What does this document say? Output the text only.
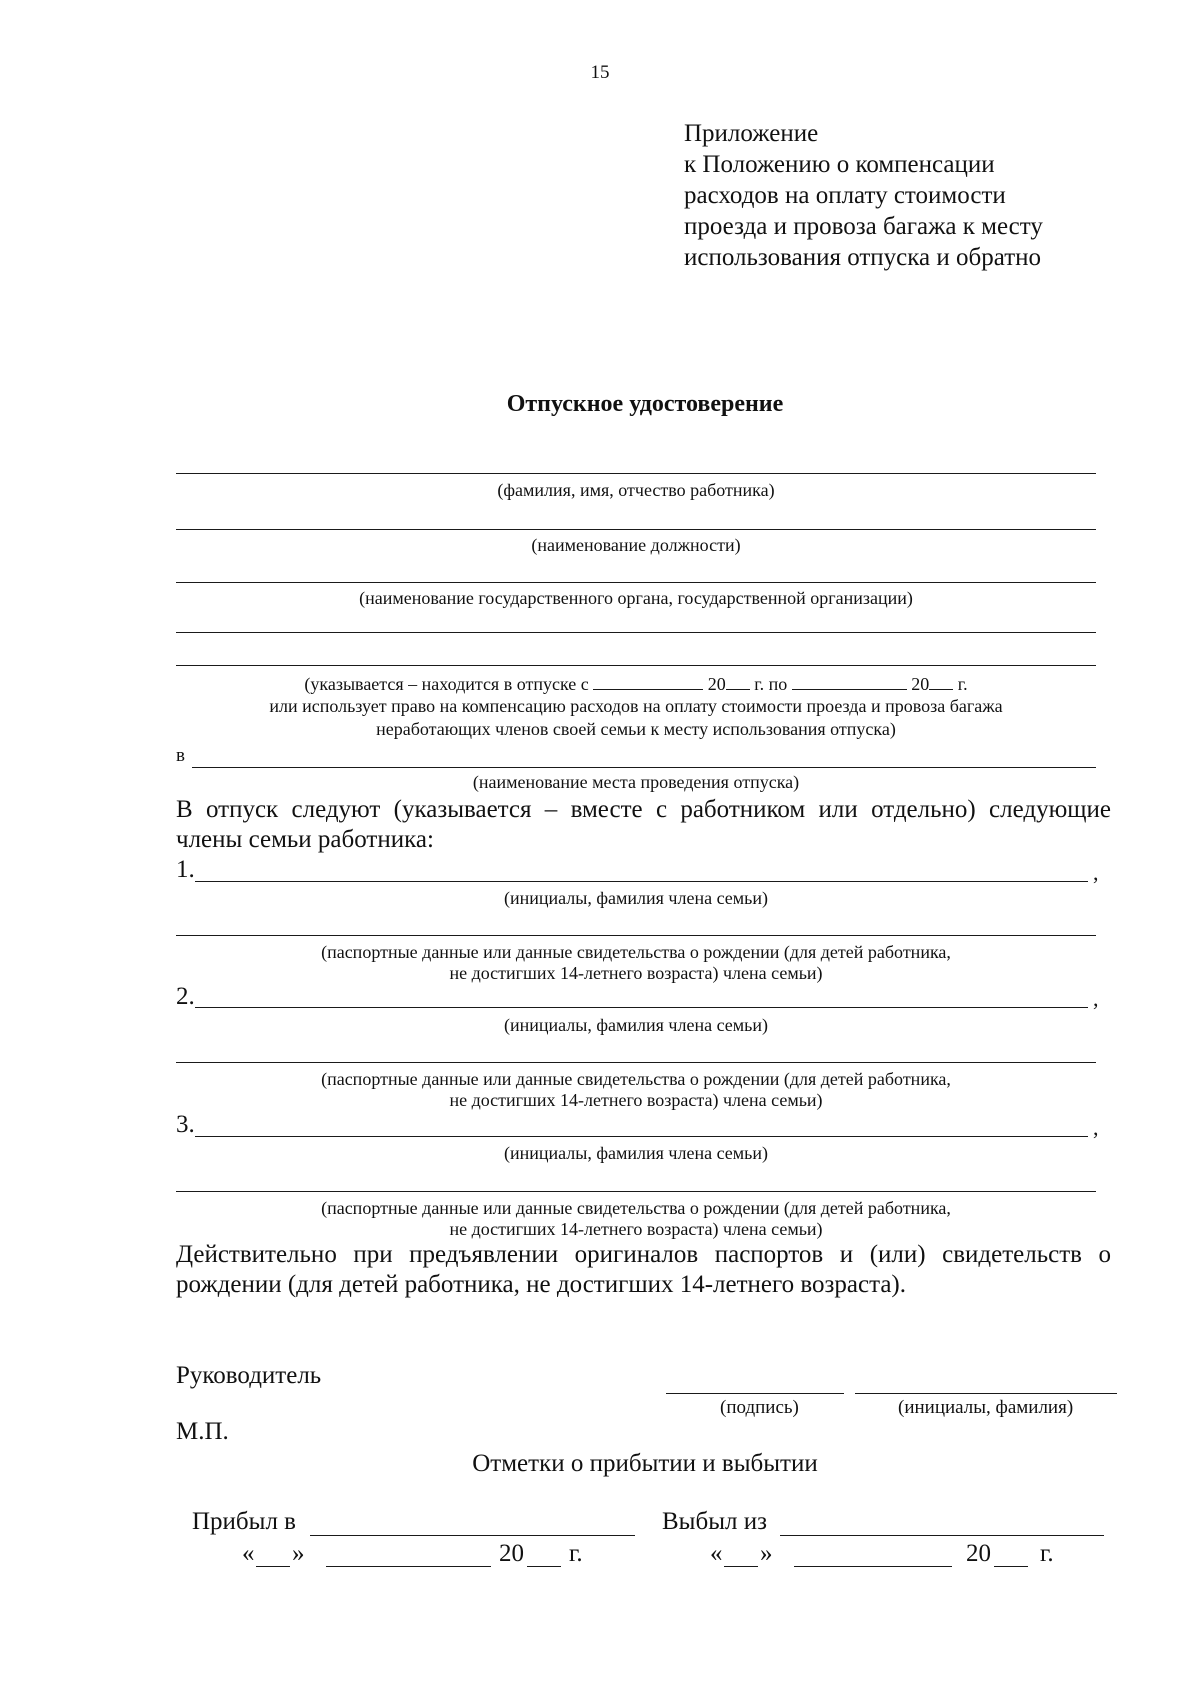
15
Приложение
к Положению о компенсации
расходов на оплату стоимости
проезда и провоза багажа к месту
использования отпуска и обратно
Отпускное удостоверение
(фамилия, имя, отчество работника)
(наименование должности)
(наименование государственного органа, государственной организации)
(указывается – находится в отпуске с	20 г. по	20 г.
или использует право на компенсацию расходов на оплату стоимости проезда и провоза багажа
неработающих членов своей семьи к месту использования отпуска)
в
(наименование места проведения отпуска)
В отпуск следуют (указывается – вместе с работником или отдельно) следующие члены семьи работника:
1.	,
(инициалы, фамилия члена семьи)
(паспортные данные или данные свидетельства о рождении (для детей работника,
не достигших 14-летнего возраста) члена семьи)
2.	,
(инициалы, фамилия члена семьи)
(паспортные данные или данные свидетельства о рождении (для детей работника,
не достигших 14-летнего возраста) члена семьи)
3.	,
(инициалы, фамилия члена семьи)
(паспортные данные или данные свидетельства о рождении (для детей работника,
не достигших 14-летнего возраста) члена семьи)
Действительно при предъявлении оригиналов паспортов и (или) свидетельств о рождении (для детей работника, не достигших 14-летнего возраста).
Руководитель
(подпись)	(инициалы, фамилия)
М.П.
Отметки о прибытии и выбытии
Прибыл в	Выбыл из
« »	20 г.	« »	20 г.
